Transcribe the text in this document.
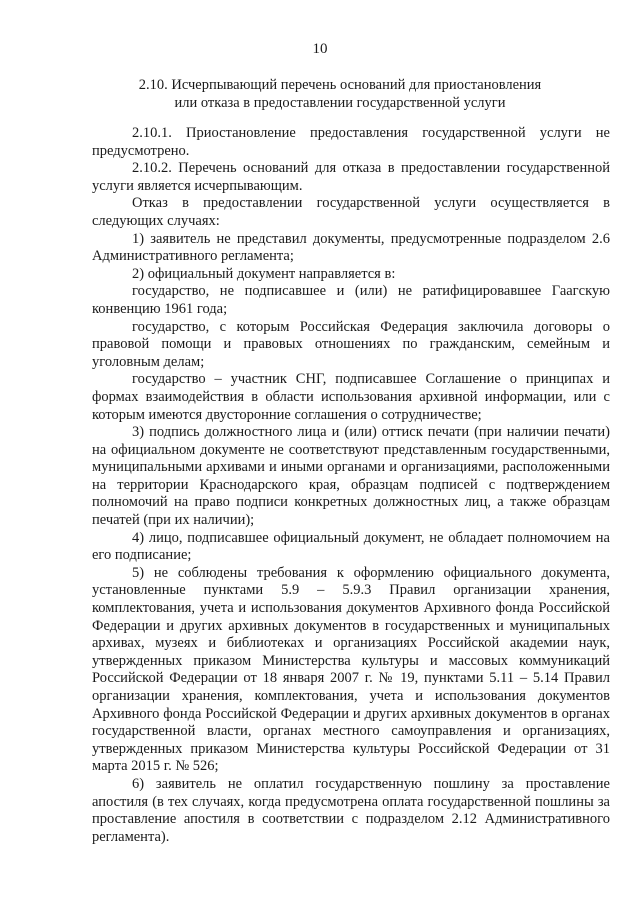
10
2.10. Исчерпывающий перечень оснований для приостановления
или отказа в предоставлении государственной услуги

2.10.1. Приостановление предоставления государственной услуги не предусмотрено.

2.10.2. Перечень оснований для отказа в предоставлении государственной услуги является исчерпывающим.

Отказ в предоставлении государственной услуги осуществляется в следующих случаях:

1) заявитель не представил документы, предусмотренные подразделом 2.6 Административного регламента;

2) официальный документ направляется в:

государство, не подписавшее и (или) не ратифицировавшее Гаагскую конвенцию 1961 года;

государство, с которым Российская Федерация заключила договоры о правовой помощи и правовых отношениях по гражданским, семейным и уголовным делам;

государство – участник СНГ, подписавшее Соглашение о принципах и формах взаимодействия в области использования архивной информации, или с которым имеются двусторонние соглашения о сотрудничестве;

3) подпись должностного лица и (или) оттиск печати (при наличии печати) на официальном документе не соответствуют представленным государственными, муниципальными архивами и иными органами и организациями, расположенными на территории Краснодарского края, образцам подписей с подтверждением полномочий на право подписи конкретных должностных лиц, а также образцам печатей (при их наличии);

4) лицо, подписавшее официальный документ, не обладает полномочием на его подписание;

5) не соблюдены требования к оформлению официального документа, установленные пунктами 5.9 – 5.9.3 Правил организации хранения, комплектования, учета и использования документов Архивного фонда Российской Федерации и других архивных документов в государственных и муниципальных архивах, музеях и библиотеках и организациях Российской академии наук, утвержденных приказом Министерства культуры и массовых коммуникаций Российской Федерации от 18 января 2007 г. № 19, пунктами 5.11 – 5.14 Правил организации хранения, комплектования, учета и использования документов Архивного фонда Российской Федерации и других архивных документов в органах государственной власти, органах местного самоуправления и организациях, утвержденных приказом Министерства культуры Российской Федерации от 31 марта 2015 г. № 526;

6) заявитель не оплатил государственную пошлину за проставление апостиля (в тех случаях, когда предусмотрена оплата государственной пошлины за проставление апостиля в соответствии с подразделом 2.12 Административного регламента).
